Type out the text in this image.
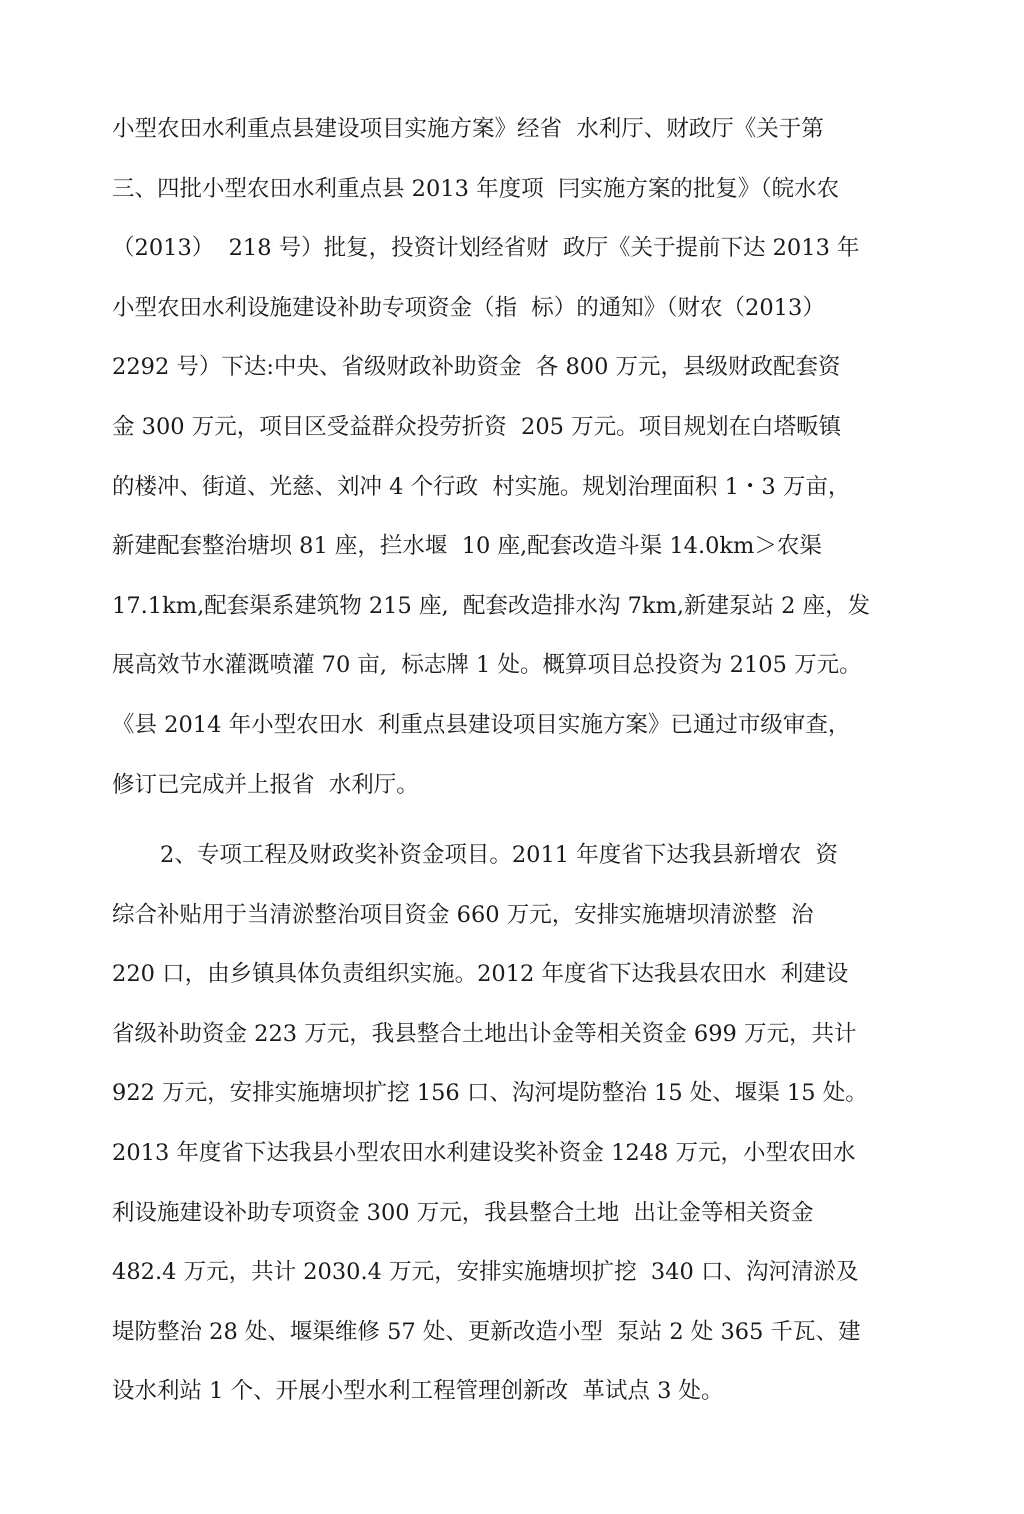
小型农田水利重点县建设项目实施方案》经省  水利厅、财政厅《关于第
三、四批小型农田水利重点县 2013 年度项  冃实施方案的批复》（皖水农
（2013）  218 号）批复，投资计划经省财  政厅《关于提前下达 2013 年
小型农田水利设施建设补助专项资金（指  标）的通知》（财农（2013）
2292 号）下达:中央、省级财政补助资金  各 800 万元，县级财政配套资
金 300 万元，项目区受益群众投劳折资  205 万元。项目规划在白塔畈镇
的楼冲、街道、光慈、刘冲 4 个行政  村实施。规划治理面积 1・3 万亩，
新建配套整治塘坝 81 座，拦水堰  10 座,配套改造斗渠 14.0km＞农渠
17.1km,配套渠系建筑物 215 座,  配套改造排水沟 7km,新建泵站 2 座，发
展高效节水灌溉喷灌 70 亩,  标志牌 1 处。概算项目总投资为 2105 万元。
《县 2014 年小型农田水  利重点县建设项目实施方案》已通过市级审查，
修订已完成并上报省  水利厅。
2、专项工程及财政奖补资金项目。2011 年度省下达我县新增农  资
综合补贴用于当清淤整治项目资金 660 万元，安排实施塘坝清淤整  治
220 口，由乡镇具体负责组织实施。2012 年度省下达我县农田水  利建设
省级补助资金 223 万元，我县整合土地出讣金等相关资金 699 万元，共计
922 万元，安排实施塘坝扩挖 156 口、沟河堤防整治 15 处、堰渠 15 处。
2013 年度省下达我县小型农田水利建设奖补资金 1248 万元，小型农田水
利设施建设补助专项资金 300 万元，我县整合土地  出让金等相关资金
482.4 万元，共计 2030.4 万元，安排实施塘坝扩挖  340 口、沟河清淤及
堤防整治 28 处、堰渠维修 57 处、更新改造小型  泵站 2 处 365 千瓦、建
设水利站 1 个、开展小型水利工程管理创新改  革试点 3 处。
